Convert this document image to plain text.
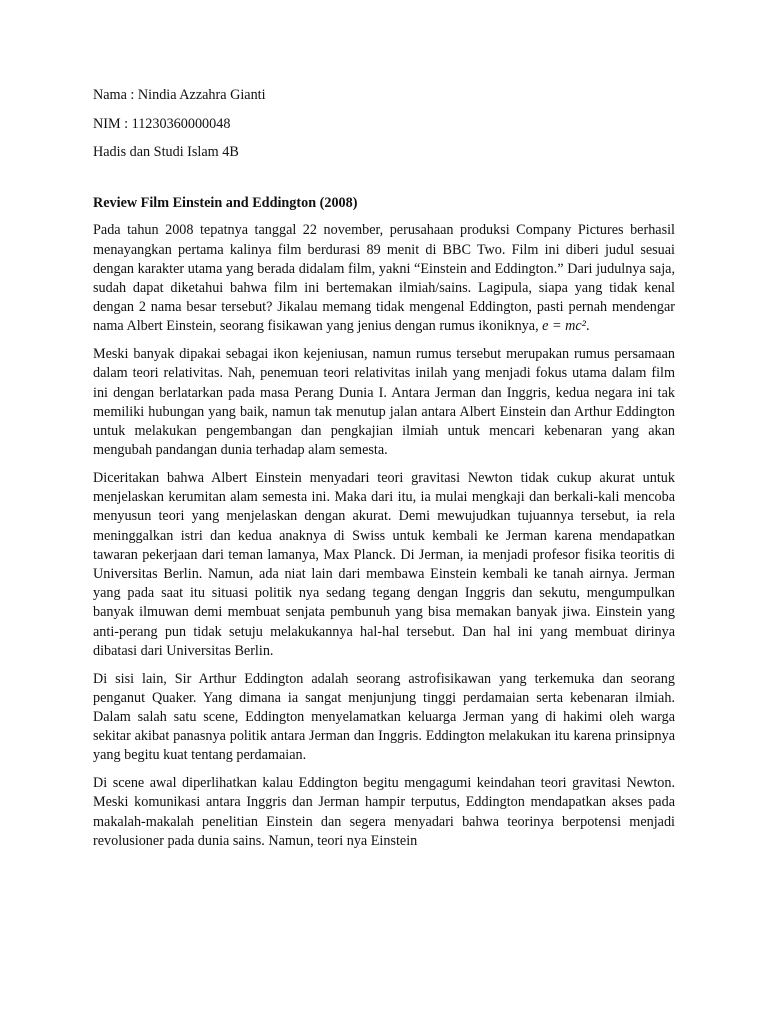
Nama : Nindia Azzahra Gianti
NIM : 11230360000048
Hadis dan Studi Islam 4B
Review Film Einstein and Eddington (2008)

Pada tahun 2008 tepatnya tanggal 22 november, perusahaan produksi Company Pictures berhasil menayangkan pertama kalinya film berdurasi 89 menit di BBC Two. Film ini diberi judul sesuai dengan karakter utama yang berada didalam film, yakni “Einstein and Eddington.” Dari judulnya saja, sudah dapat diketahui bahwa film ini bertemakan ilmiah/sains. Lagipula, siapa yang tidak kenal dengan 2 nama besar tersebut? Jikalau memang tidak mengenal Eddington, pasti pernah mendengar nama Albert Einstein, seorang fisikawan yang jenius dengan rumus ikoniknya, e = mc².

Meski banyak dipakai sebagai ikon kejeniusan, namun rumus tersebut merupakan rumus persamaan dalam teori relativitas. Nah, penemuan teori relativitas inilah yang menjadi fokus utama dalam film ini dengan berlatarkan pada masa Perang Dunia I. Antara Jerman dan Inggris, kedua negara ini tak memiliki hubungan yang baik, namun tak menutup jalan antara Albert Einstein dan Arthur Eddington untuk melakukan pengembangan dan pengkajian ilmiah untuk mencari kebenaran yang akan mengubah pandangan dunia terhadap alam semesta.

Diceritakan bahwa Albert Einstein menyadari teori gravitasi Newton tidak cukup akurat untuk menjelaskan kerumitan alam semesta ini. Maka dari itu, ia mulai mengkaji dan berkali-kali mencoba menyusun teori yang menjelaskan dengan akurat. Demi mewujudkan tujuannya tersebut, ia rela meninggalkan istri dan kedua anaknya di Swiss untuk kembali ke Jerman karena mendapatkan tawaran pekerjaan dari teman lamanya, Max Planck. Di Jerman, ia menjadi profesor fisika teoritis di Universitas Berlin. Namun, ada niat lain dari membawa Einstein kembali ke tanah airnya. Jerman yang pada saat itu situasi politik nya sedang tegang dengan Inggris dan sekutu, mengumpulkan banyak ilmuwan demi membuat senjata pembunuh yang bisa memakan banyak jiwa. Einstein yang anti-perang pun tidak setuju melakukannya hal-hal tersebut. Dan hal ini yang membuat dirinya dibatasi dari Universitas Berlin.

Di sisi lain, Sir Arthur Eddington adalah seorang astrofisikawan yang terkemuka dan seorang penganut Quaker. Yang dimana ia sangat menjunjung tinggi perdamaian serta kebenaran ilmiah. Dalam salah satu scene, Eddington menyelamatkan keluarga Jerman yang di hakimi oleh warga sekitar akibat panasnya politik antara Jerman dan Inggris. Eddington melakukan itu karena prinsipnya yang begitu kuat tentang perdamaian.

Di scene awal diperlihatkan kalau Eddington begitu mengagumi keindahan teori gravitasi Newton. Meski komunikasi antara Inggris dan Jerman hampir terputus, Eddington mendapatkan akses pada makalah-makalah penelitian Einstein dan segera menyadari bahwa teorinya berpotensi menjadi revolusioner pada dunia sains. Namun, teori nya Einstein
